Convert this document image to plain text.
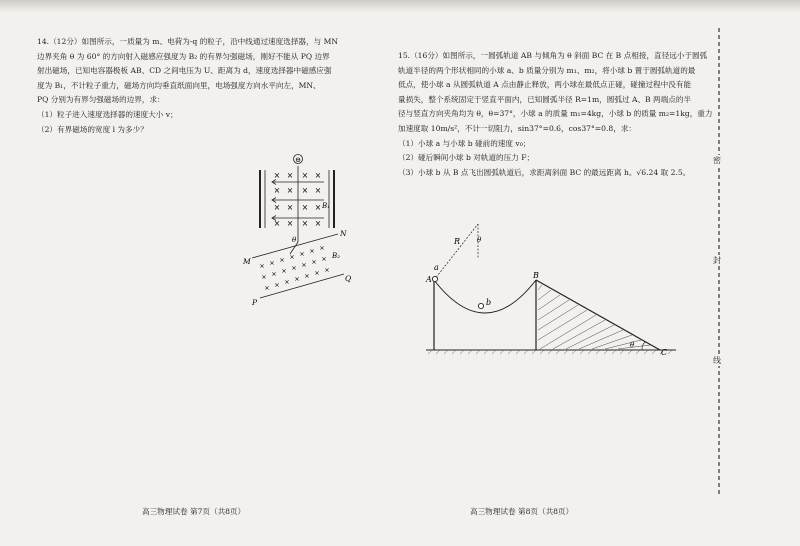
14.（12分）如图所示，一质量为 m、电荷为-q 的粒子，沿中线通过速度选择器，与 MN

边界夹角 θ 为 60° 的方向射入磁感应强度为 B₂ 的有界匀强磁场，刚好不能从 PQ 边界

射出磁场，已知电容器极板 AB、CD 之间电压为 U、距离为 d，速度选择器中磁感应强

度为 B₁，不计粒子重力，磁场方向均垂直纸面向里，电场强度方向水平向左，MN、

PQ 分别为有界匀强磁场的边界，求：

（1）粒子进入速度选择器的速度大小 v；

（2）有界磁场的宽度 l 为多少？

⊖
× × × ×
× × × ×
× × × ×
× × × ×
B₁
θ
M
N
P
Q
B₂
× × × × × × ×
× × × × × × ×
× × × × × × ×
高三物理试卷 第7页（共8页）

15.（16分）如图所示，一圆弧轨道 AB 与倾角为 θ 斜面 BC 在 B 点相接，直径远小于圆弧

轨道半径的两个形状相同的小球 a、b 质量分别为 m₁、m₂，将小球 b 置于圆弧轨道的最

低点，使小球 a 从圆弧轨道 A 点由静止释放，两小球在最低点正碰，碰撞过程中没有能

量损失，整个系统固定于竖直平面内，已知圆弧半径 R=1m，圆弧过 A、B 两端点的半

径与竖直方向夹角均为 θ，θ=37°，小球 a 的质量 m₁=4kg，小球 b 的质量 m₂=1kg，重力

加速度取 10m/s²，不计一切阻力，sin37°=0.6，cos37°=0.8，求：

（1）小球 a 与小球 b 碰前的速度 v₀；

（2）碰后瞬间小球 b 对轨道的压力 F；

（3）小球 b 从 B 点飞出圆弧轨道后，求距离斜面 BC 的最远距离 h。√6.24 取 2.5。

R θ
A
a
b
B
C
θ
高三物理试卷 第8页（共8页）
密
封
线
